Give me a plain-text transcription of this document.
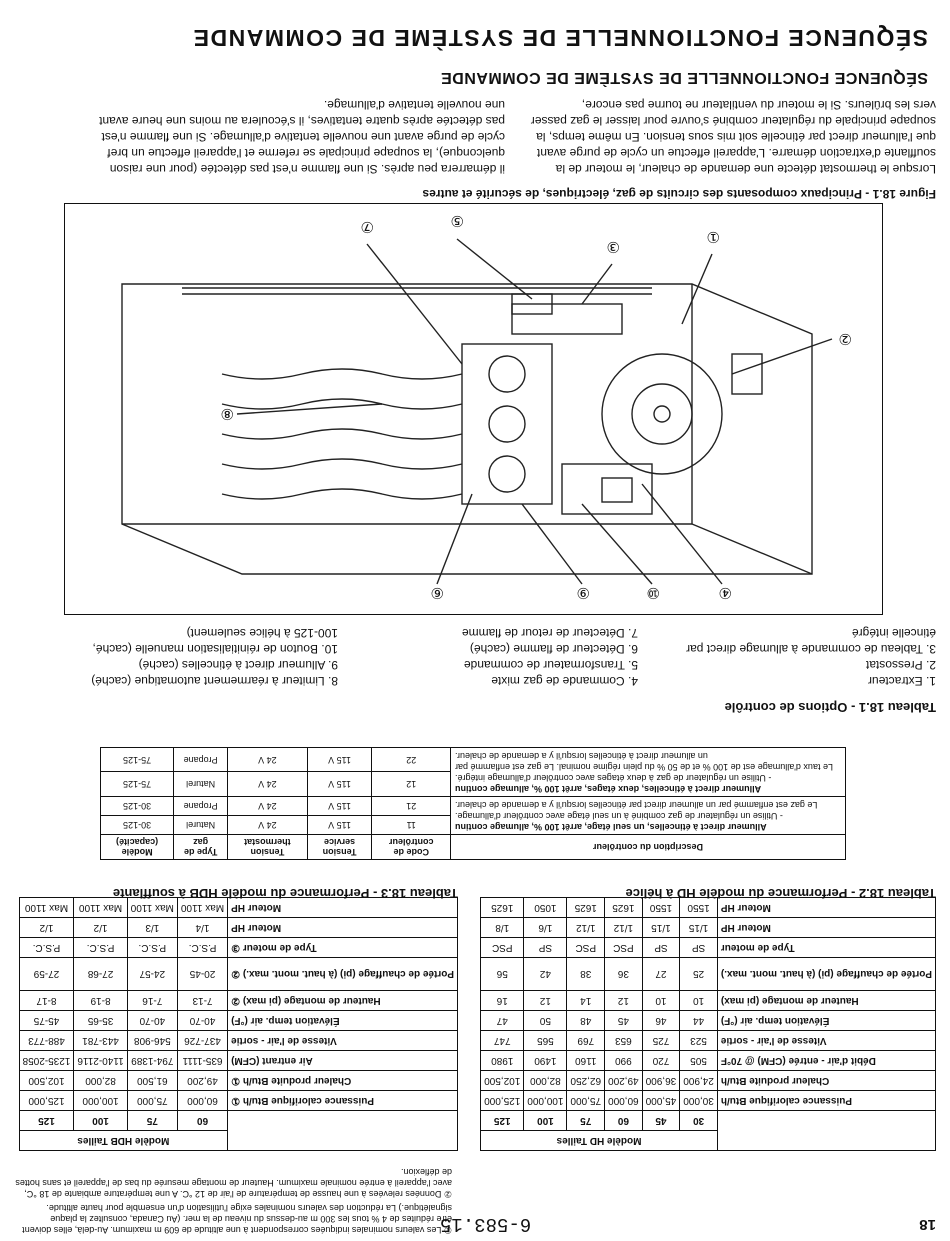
18
6-583.15
① Les valeurs nominales indiquées correspondent à une altitude de 609 m maximum. Au-delà, elles doivent être réduites de 4 % tous les 300 m au-dessus du niveau de la mer. (Au Canada, consultez la plaque signalétique.) La réduction des valeurs nominales exige l'utilisation d'un ensemble pour haute altitude.
② Données relevées à une hausse de température de l'air de 12 °C. A une température ambiante de 18 °C, avec l'appareil à entrée nominale maximum. Hauteur de montage mesurée du bas de l'appareil et sans hottes de déflexion.
	Modèle HD Tailles					
	30	45	60	75	100	125
Puissance calorifique Btu/h	30,000	45,000	60,000	75,000	100,000	125,000
Chaleur produite Btu/h	24,900	36,900	49,200	62,250	82,000	102,500
Débit d'air - entrée (CFM) @ 70°F	505	720	990	1160	1490	1980
Vitesse de l'air - sortie	523	725	653	769	565	747
Élévation temp. air (°F)	44	46	45	48	50	47
Hauteur de montage (pi max)	10	10	12	14	12	16
Portée de chauffage (pi) (à haut. mont. max.)	25	27	36	38	42	56
Type de moteur	SP	SP	PSC	PSC	SP	PSC
Moteur HP	1/15	1/15	1/12	1/12	1/6	1/8
Moteur HP	1550	1550	1625	1625	1050	1625
Tableau 18.2 - Performance du modèle HD à hélice
	Modèle HDB Tailles			
	60	75	100	125
Puissance calorifique Btu/h ①	60,000	75,000	100,000	125,000
Chaleur produite Btu/h ①	49,200	61,500	82,000	102,500
Air entrant (CFM)	635-1111	794-1389	1140-2116	1235-2058
Vitesse de l'air - sortie	437-726	546-908	443-781	488-773
Élévation temp. air (°F)	40-70	40-70	35-65	45-75
Hauteur de montage (pi max) ②	7-13	7-16	8-19	8-17
Portée de chauffage (pi) (à haut. mont. max.) ②	20-45	24-57	27-68	27-59
Type de moteur ③	P.S.C.	P.S.C.	P.S.C.	P.S.C.
Moteur HP	1/4	1/3	1/2	1/2
Moteur HP	Max 1100	Max 1100	Max 1100	Max 1100
Tableau 18.3 - Performance du modèle HDB à soufflante
Description du contrôleur	Code de contrôleur	Tension service	Tension thermostat	Type de gaz	Modèle (capacité)

Allumeur direct à étincelles, un seul étage, arrêt 100 %, allumage continu
- Utilise un régulateur de gaz combiné à un seul étage avec contrôleur d'allumage.
Le gaz est enflammé par un allumeur direct par étincelles lorsqu'il y a demande de chaleur.	11	115 V	24 V	Naturel	30-125
	21	115 V	24 V	Propane	30-125

Allumeur direct à étincelles, deux étages, arrêt 100 %, allumage continu
- Utilise un régulateur de gaz à deux étages avec contrôleur d'allumage intégré.
Le taux d'allumage est de 100 % et de 50 % du plein régime nominal. Le gaz est enflammé par un allumeur direct à étincelles lorsqu'il y a demande de chaleur.	12	115 V	24 V	Naturel	75-125
	22	115 V	24 V	Propane	75-125
Tableau 18.1 - Options de contrôle
1. Extracteur
2. Pressostat
3. Tableau de commande à allumage direct par
étincelle intégré
4. Commande de gaz mixte
5. Transformateur de commande
6. Détecteur de flamme (caché)
7. Détecteur de retour de flamme
8. Limiteur à réarmement automatique (caché)
9. Allumeur direct à étincelles (caché)
10. Bouton de réinitialisation manuelle (caché,
100-125 à hélice seulement)
④
⑩
⑨
⑥
②
⑧
⑦
③
①
⑤
Figure 18.1 - Principaux composants des circuits de gaz, électriques, de sécurité et autres
Lorsque le thermostat détecte une demande de chaleur, le moteur de la soufflante d'extraction démarre. L'appareil effectue un cycle de purge avant que l'allumeur direct par étincelle soit mis sous tension. En même temps, la soupape principale du régulateur combiné s'ouvre pour laisser le gaz passer vers les brûleurs. Si le moteur du ventilateur ne tourne pas encore,
il démarrera peu après. Si une flamme n'est pas détectée (pour une raison quelconque), la soupape principale se referme et l'appareil effectue un bref cycle de purge avant une nouvelle tentative d'allumage. Si une flamme n'est pas détectée après quatre tentatives, il s'écoulera au moins une heure avant une nouvelle tentative d'allumage.
SÉQUENCE FONCTIONNELLE DE SYSTÈME DE COMMANDE
SÉQUENCE FONCTIONNELLE DE SYSTÈME DE COMMANDE
